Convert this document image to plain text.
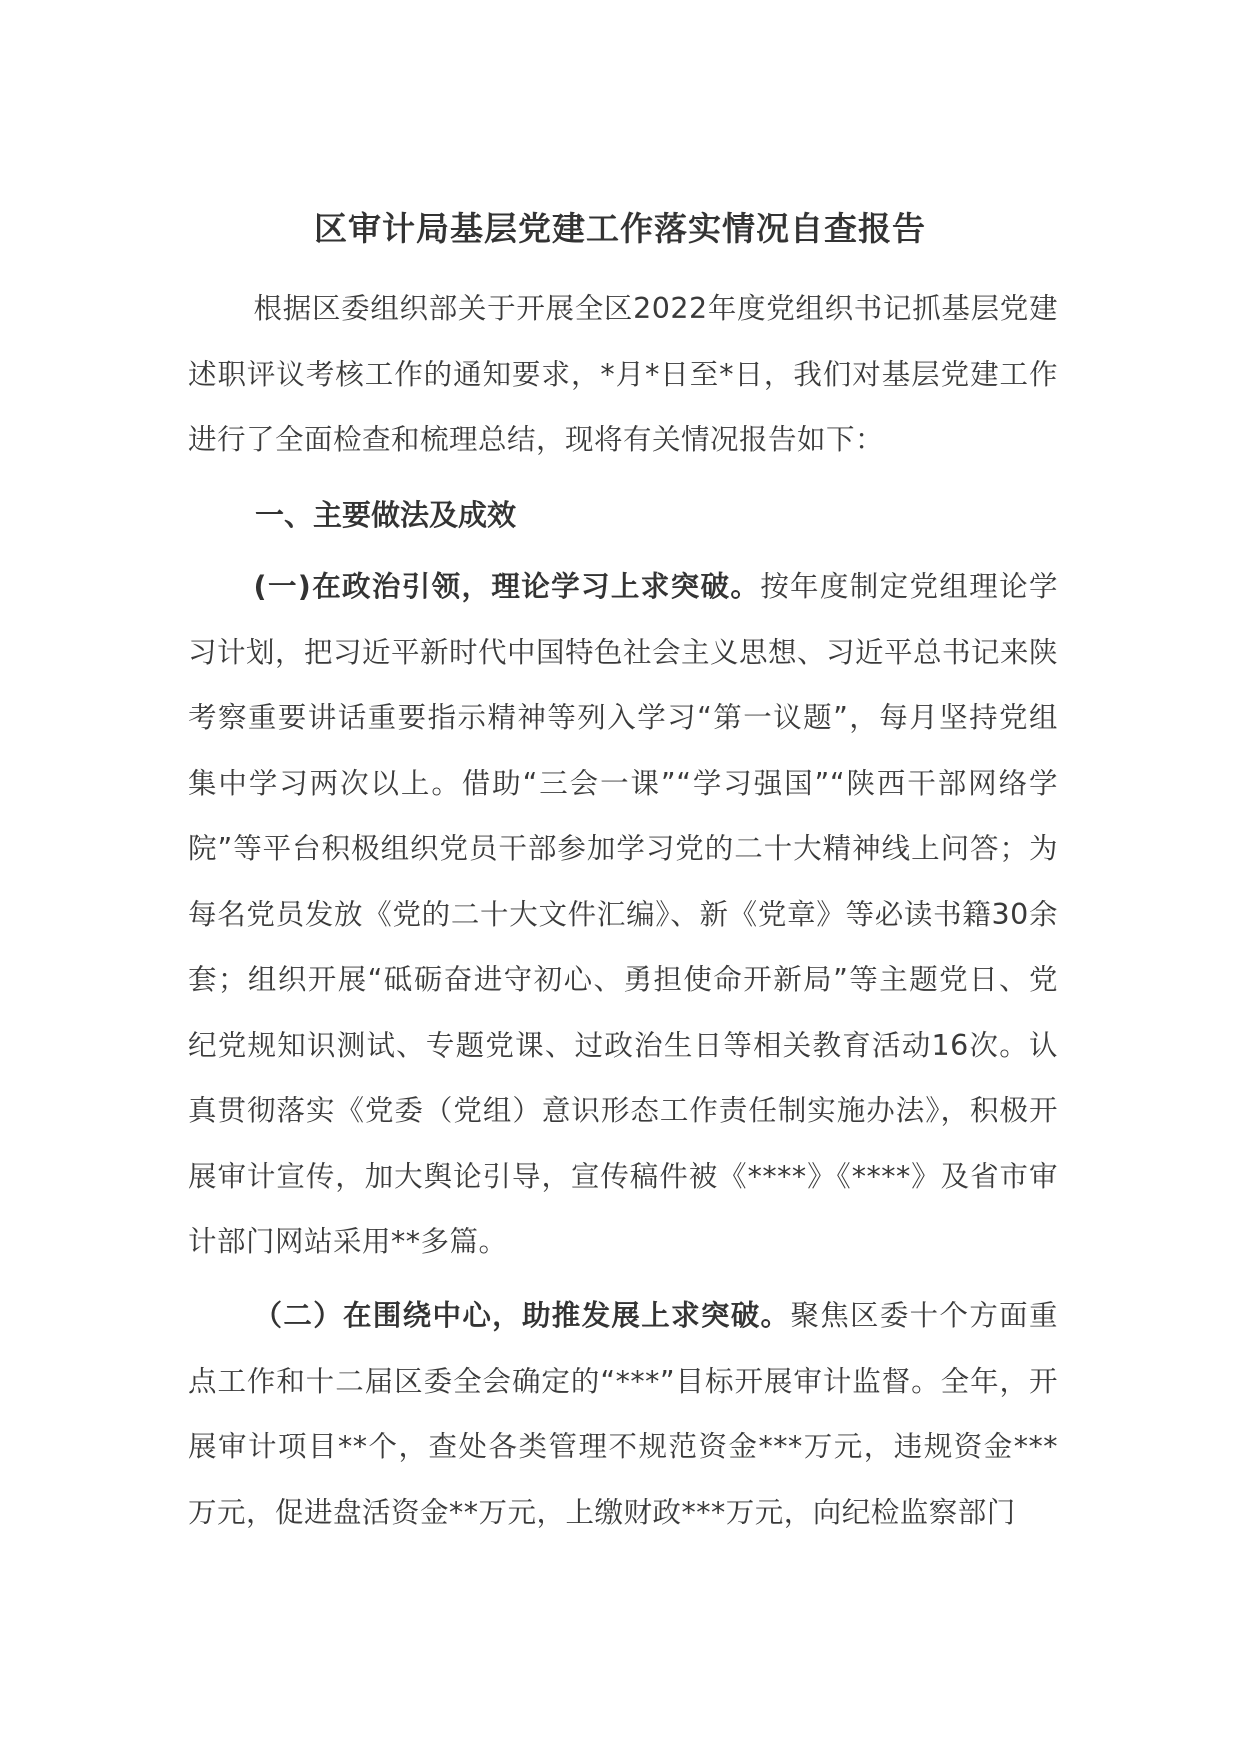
区审计局基层党建工作落实情况自查报告
根据区委组织部关于开展全区2022年度党组织书记抓基层党建述职评议考核工作的通知要求，*月*日至*日，我们对基层党建工作进行了全面检查和梳理总结，现将有关情况报告如下：
一、主要做法及成效
(一)在政治引领，理论学习上求突破。按年度制定党组理论学习计划，把习近平新时代中国特色社会主义思想、习近平总书记来陕考察重要讲话重要指示精神等列入学习“第一议题”，每月坚持党组集中学习两次以上。借助“三会一课”“学习强国”“陕西干部网络学院”等平台积极组织党员干部参加学习党的二十大精神线上问答；为每名党员发放《党的二十大文件汇编》、新《党章》等必读书籍30余套；组织开展“砥砺奋进守初心、勇担使命开新局”等主题党日、党纪党规知识测试、专题党课、过政治生日等相关教育活动16次。认真贯彻落实《党委（党组）意识形态工作责任制实施办法》，积极开展审计宣传，加大舆论引导，宣传稿件被《****》《****》及省市审计部门网站采用**多篇。
（二）在围绕中心，助推发展上求突破。聚焦区委十个方面重点工作和十二届区委全会确定的“***”目标开展审计监督。全年，开展审计项目**个，查处各类管理不规范资金***万元，违规资金***万元，促进盘活资金**万元，上缴财政***万元，向纪检监察部门
